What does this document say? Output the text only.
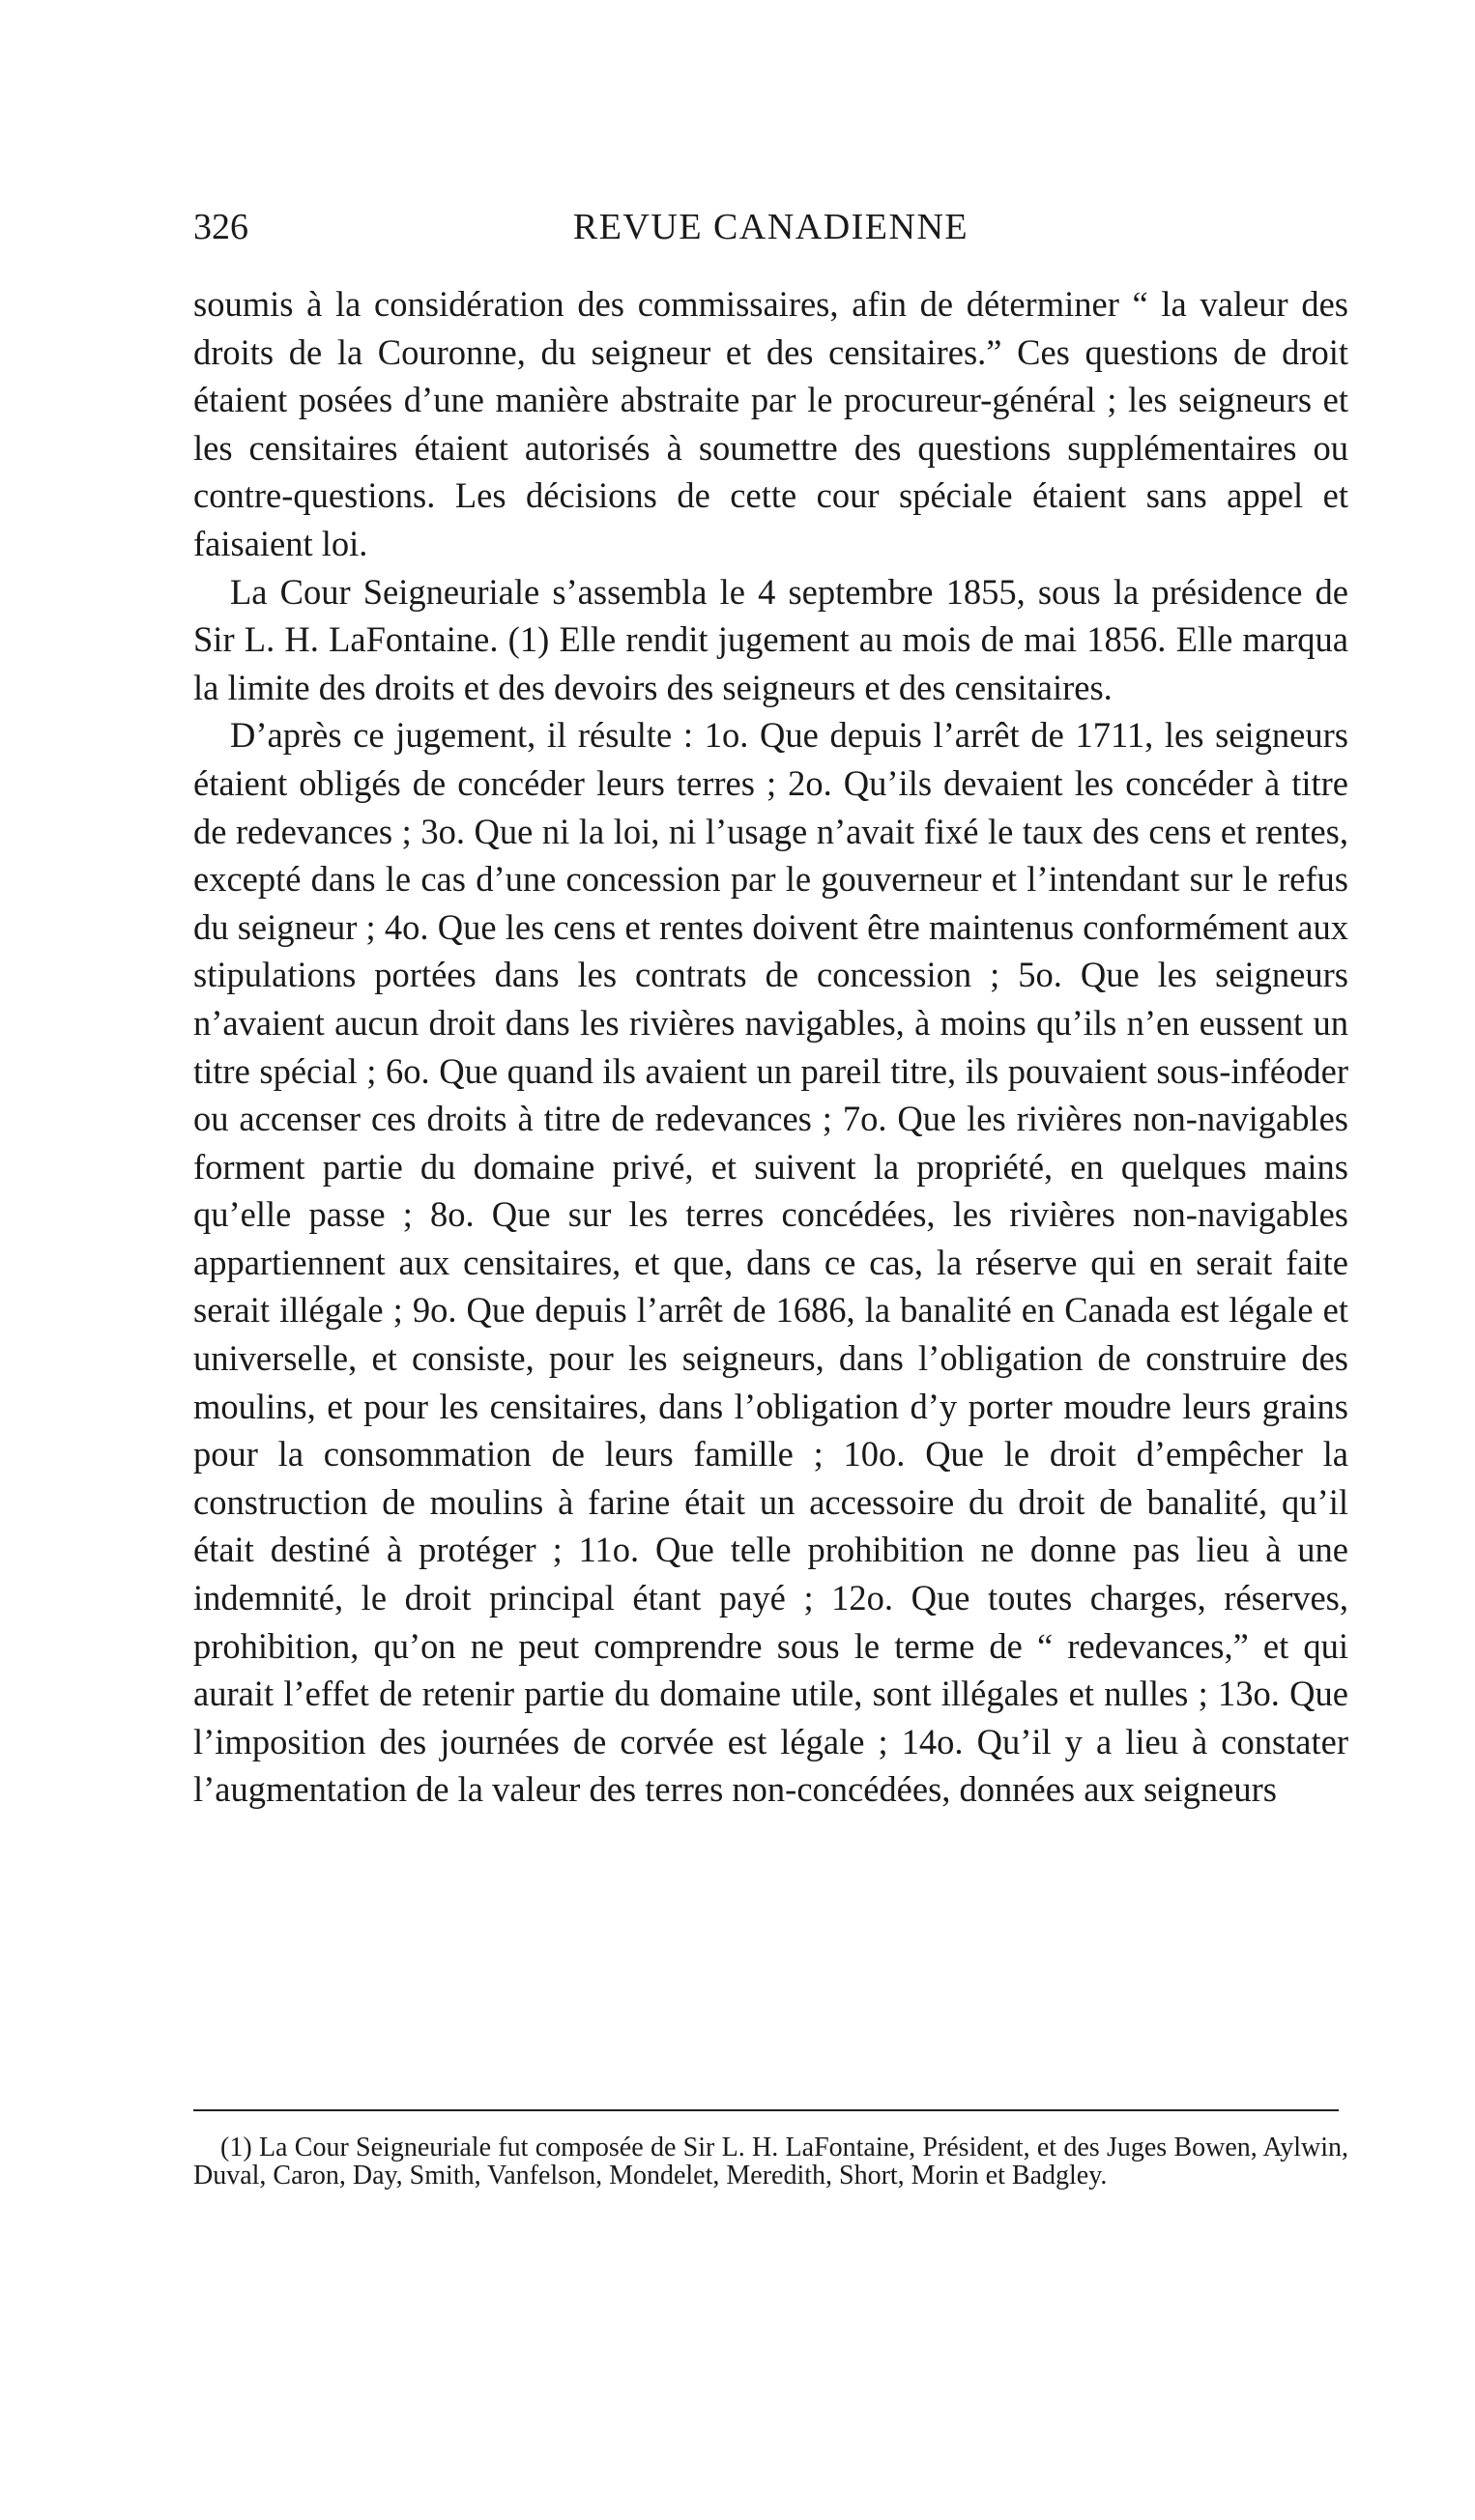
326	REVUE CANADIENNE

soumis à la considération des commissaires, afin de déterminer “ la valeur des droits de la Couronne, du seigneur et des censitaires.” Ces questions de droit étaient posées d’une manière abstraite par le procureur-général ; les seigneurs et les censitaires étaient autorisés à soumettre des questions supplémentaires ou contre-questions. Les décisions de cette cour spéciale étaient sans appel et faisaient loi.

La Cour Seigneuriale s’assembla le 4 septembre 1855, sous la présidence de Sir L. H. LaFontaine. (1) Elle rendit jugement au mois de mai 1856. Elle marqua la limite des droits et des devoirs des seigneurs et des censitaires.

D’après ce jugement, il résulte : 1o. Que depuis l’arrêt de 1711, les seigneurs étaient obligés de concéder leurs terres ; 2o. Qu’ils devaient les concéder à titre de redevances ; 3o. Que ni la loi, ni l’usage n’avait fixé le taux des cens et rentes, excepté dans le cas d’une concession par le gouverneur et l’intendant sur le refus du seigneur ; 4o. Que les cens et rentes doivent être maintenus conformément aux stipulations portées dans les contrats de concession ; 5o. Que les seigneurs n’avaient aucun droit dans les rivières navigables, à moins qu’ils n’en eussent un titre spécial ; 6o. Que quand ils avaient un pareil titre, ils pouvaient sous-inféoder ou accenser ces droits à titre de redevances ; 7o. Que les rivières non-navigables forment partie du domaine privé, et suivent la propriété, en quelques mains qu’elle passe ; 8o. Que sur les terres concédées, les rivières non-navigables appartiennent aux censitaires, et que, dans ce cas, la réserve qui en serait faite serait illégale ; 9o. Que depuis l’arrêt de 1686, la banalité en Canada est légale et universelle, et consiste, pour les seigneurs, dans l’obligation de construire des moulins, et pour les censitaires, dans l’obligation d’y porter moudre leurs grains pour la consommation de leurs famille ; 10o. Que le droit d’empêcher la construction de moulins à farine était un accessoire du droit de banalité, qu’il était destiné à protéger ; 11o. Que telle prohibition ne donne pas lieu à une indemnité, le droit principal étant payé ; 12o. Que toutes charges, réserves, prohibition, qu’on ne peut comprendre sous le terme de “ redevances,” et qui aurait l’effet de retenir partie du domaine utile, sont illégales et nulles ; 13o. Que l’imposition des journées de corvée est légale ; 14o. Qu’il y a lieu à constater l’augmentation de la valeur des terres non-concédées, données aux seigneurs

(1) La Cour Seigneuriale fut composée de Sir L. H. LaFontaine, Président, et des Juges Bowen, Aylwin, Duval, Caron, Day, Smith, Vanfelson, Mondelet, Meredith, Short, Morin et Badgley.
